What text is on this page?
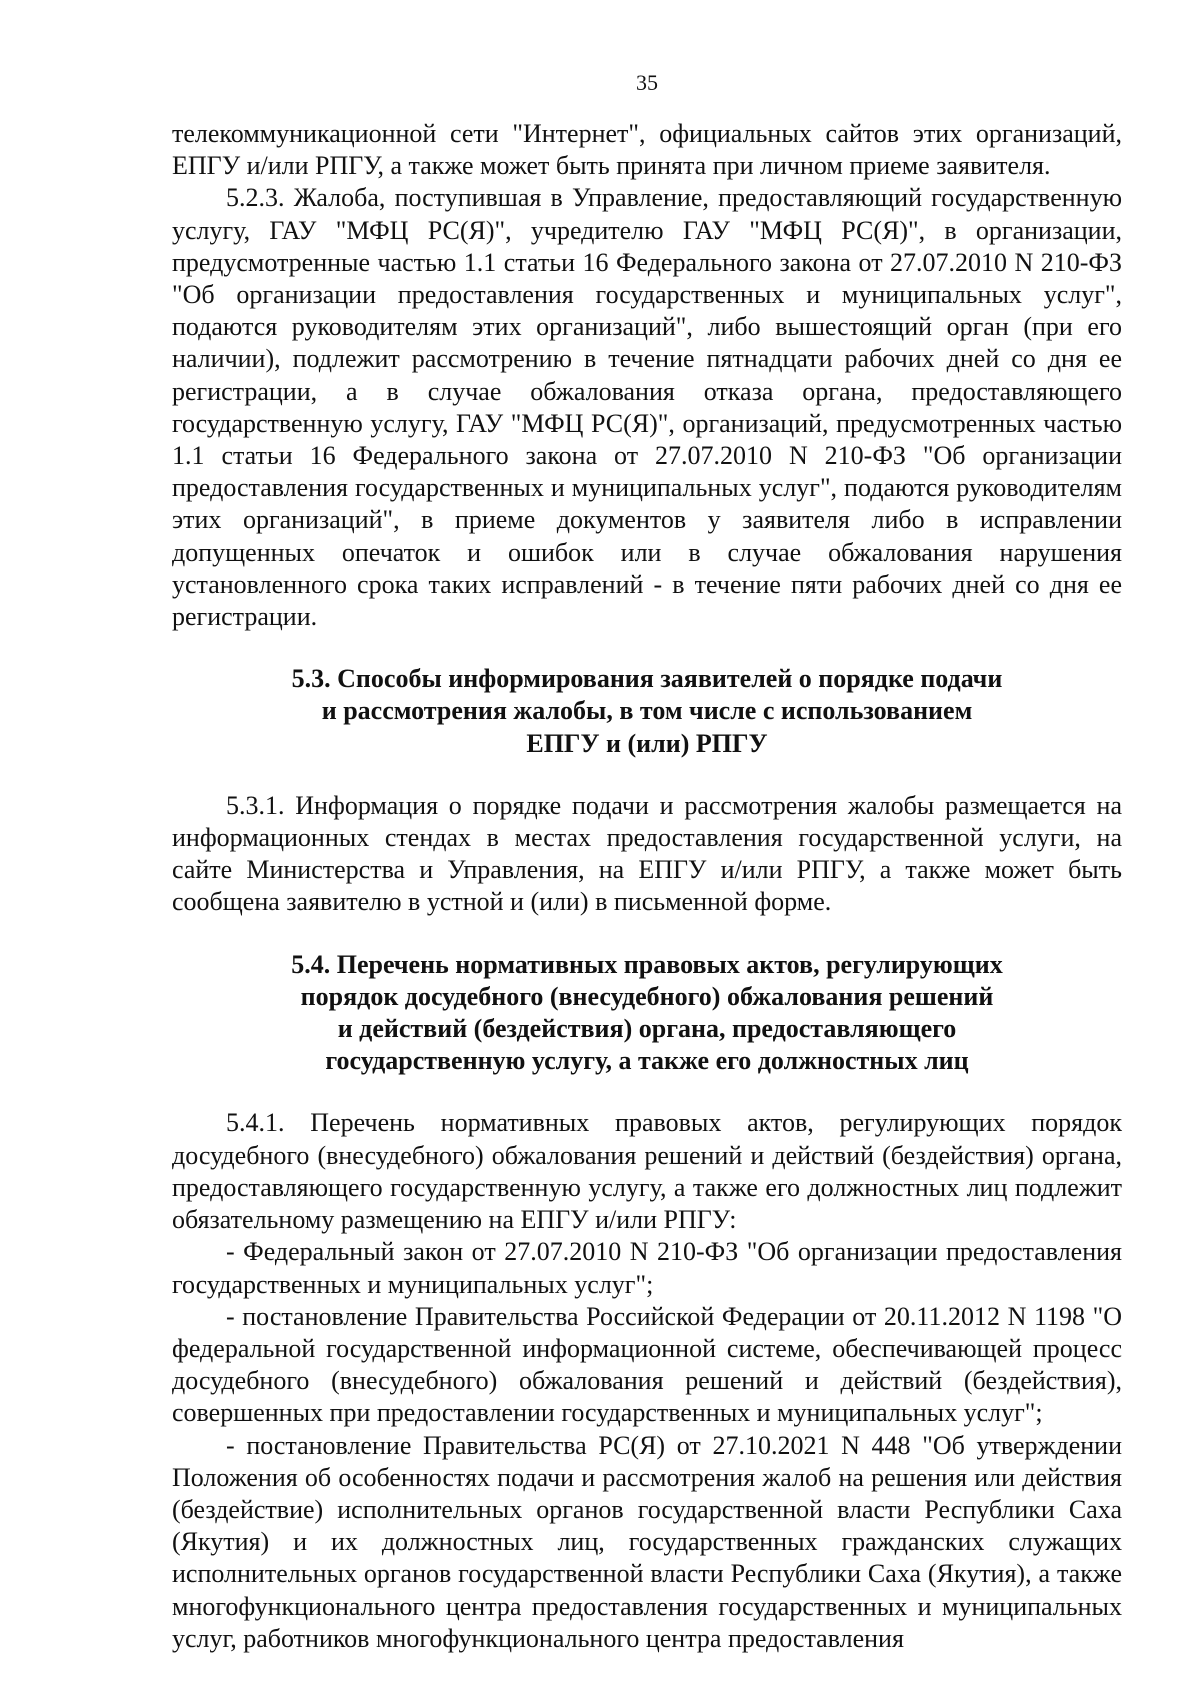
35

телекоммуникационной сети "Интернет", официальных сайтов этих организаций, ЕПГУ и/или РПГУ, а также может быть принята при личном приеме заявителя.

5.2.3. Жалоба, поступившая в Управление, предоставляющий государственную услугу, ГАУ "МФЦ РС(Я)", учредителю ГАУ "МФЦ РС(Я)", в организации, предусмотренные частью 1.1 статьи 16 Федерального закона от 27.07.2010 N 210-ФЗ "Об организации предоставления государственных и муниципальных услуг", подаются руководителям этих организаций", либо вышестоящий орган (при его наличии), подлежит рассмотрению в течение пятнадцати рабочих дней со дня ее регистрации, а в случае обжалования отказа органа, предоставляющего государственную услугу, ГАУ "МФЦ РС(Я)", организаций, предусмотренных частью 1.1 статьи 16 Федерального закона от 27.07.2010 N 210-ФЗ "Об организации предоставления государственных и муниципальных услуг", подаются руководителям этих организаций", в приеме документов у заявителя либо в исправлении допущенных опечаток и ошибок или в случае обжалования нарушения установленного срока таких исправлений - в течение пяти рабочих дней со дня ее регистрации.

5.3. Способы информирования заявителей о порядке подачи
и рассмотрения жалобы, в том числе с использованием
ЕПГУ и (или) РПГУ

5.3.1. Информация о порядке подачи и рассмотрения жалобы размещается на информационных стендах в местах предоставления государственной услуги, на сайте Министерства и Управления, на ЕПГУ и/или РПГУ, а также может быть сообщена заявителю в устной и (или) в письменной форме.

5.4. Перечень нормативных правовых актов, регулирующих
порядок досудебного (внесудебного) обжалования решений
и действий (бездействия) органа, предоставляющего
государственную услугу, а также его должностных лиц

5.4.1. Перечень нормативных правовых актов, регулирующих порядок досудебного (внесудебного) обжалования решений и действий (бездействия) органа, предоставляющего государственную услугу, а также его должностных лиц подлежит обязательному размещению на ЕПГУ и/или РПГУ:

- Федеральный закон от 27.07.2010 N 210-ФЗ "Об организации предоставления государственных и муниципальных услуг";

- постановление Правительства Российской Федерации от 20.11.2012 N 1198 "О федеральной государственной информационной системе, обеспечивающей процесс досудебного (внесудебного) обжалования решений и действий (бездействия), совершенных при предоставлении государственных и муниципальных услуг";

- постановление Правительства РС(Я) от 27.10.2021 N 448 "Об утверждении Положения об особенностях подачи и рассмотрения жалоб на решения или действия (бездействие) исполнительных органов государственной власти Республики Саха (Якутия) и их должностных лиц, государственных гражданских служащих исполнительных органов государственной власти Республики Саха (Якутия), а также многофункционального центра предоставления государственных и муниципальных услуг, работников многофункционального центра предоставления
